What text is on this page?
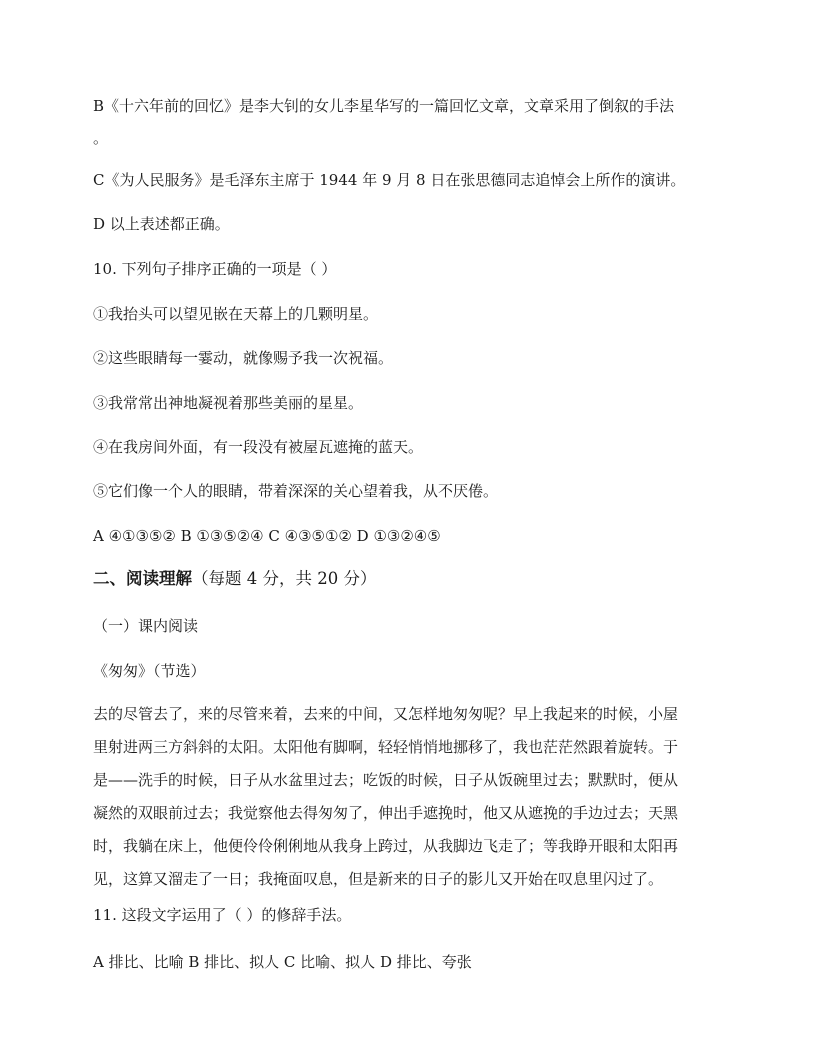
B《十六年前的回忆》是李大钊的女儿李星华写的一篇回忆文章，文章采用了倒叙的手法
。
C《为人民服务》是毛泽东主席于 1944 年 9 月 8 日在张思德同志追悼会上所作的演讲。
D 以上表述都正确。
10. 下列句子排序正确的一项是（ ）
①我抬头可以望见嵌在天幕上的几颗明星。
②这些眼睛每一霎动，就像赐予我一次祝福。
③我常常出神地凝视着那些美丽的星星。
④在我房间外面，有一段没有被屋瓦遮掩的蓝天。
⑤它们像一个人的眼睛，带着深深的关心望着我，从不厌倦。
A ④①③⑤② B ①③⑤②④ C ④③⑤①② D ①③②④⑤
二、阅读理解（每题 4 分，共 20 分）
（一）课内阅读
《匆匆》（节选）
去的尽管去了，来的尽管来着，去来的中间，又怎样地匆匆呢？早上我起来的时候，小屋
里射进两三方斜斜的太阳。太阳他有脚啊，轻轻悄悄地挪移了，我也茫茫然跟着旋转。于
是——洗手的时候，日子从水盆里过去；吃饭的时候，日子从饭碗里过去；默默时，便从
凝然的双眼前过去；我觉察他去得匆匆了，伸出手遮挽时，他又从遮挽的手边过去；天黑
时，我躺在床上，他便伶伶俐俐地从我身上跨过，从我脚边飞走了；等我睁开眼和太阳再
见，这算又溜走了一日；我掩面叹息，但是新来的日子的影儿又开始在叹息里闪过了。
11. 这段文字运用了（ ）的修辞手法。
A 排比、比喻 B 排比、拟人 C 比喻、拟人 D 排比、夸张
